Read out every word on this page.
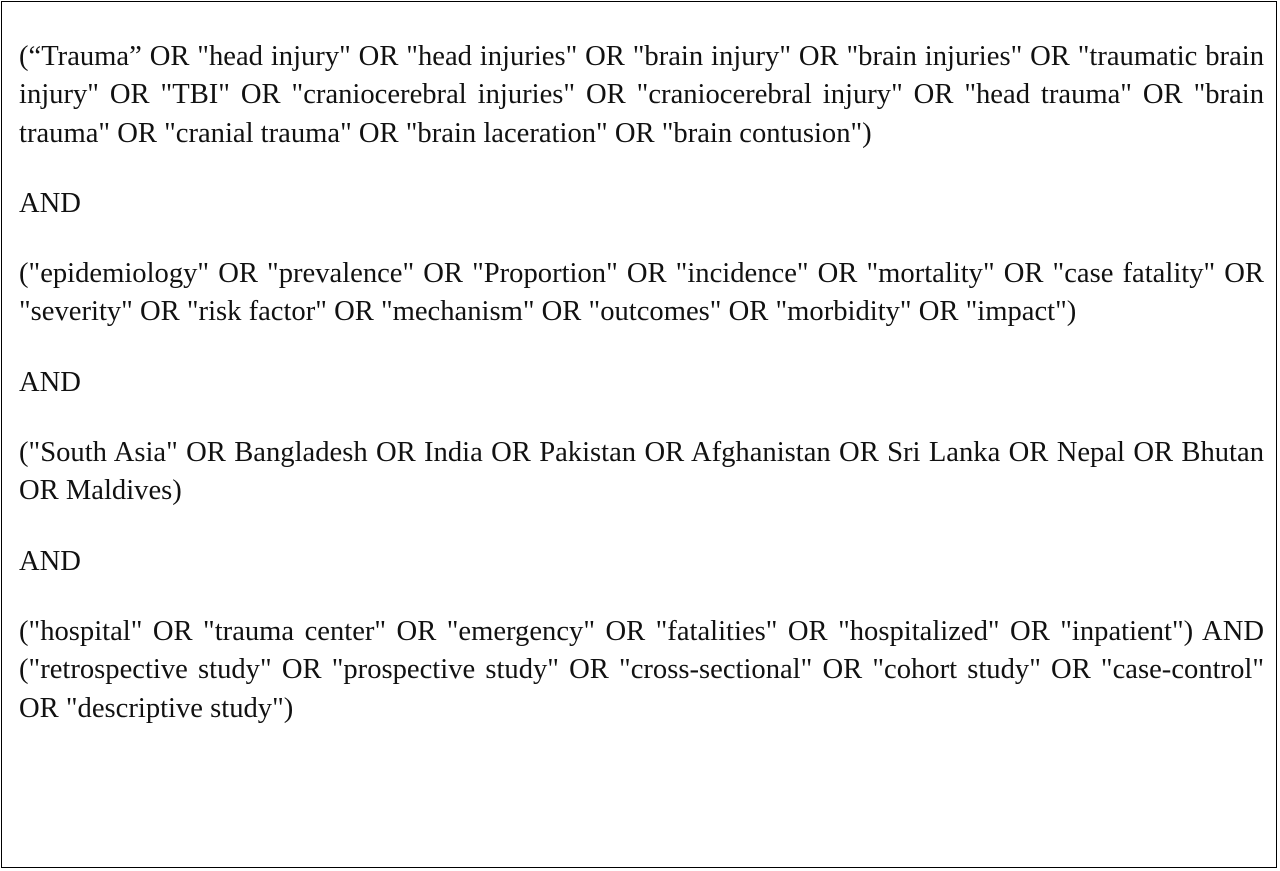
(“Trauma” OR "head injury" OR "head injuries" OR "brain injury" OR "brain injuries" OR "traumatic brain injury" OR "TBI" OR "craniocerebral injuries" OR "craniocerebral injury" OR "head trauma" OR "brain trauma" OR "cranial trauma" OR "brain laceration" OR "brain contusion")

AND

("epidemiology" OR "prevalence" OR "Proportion" OR "incidence" OR "mortality" OR "case fatality" OR "severity" OR "risk factor" OR "mechanism" OR "outcomes" OR "morbidity" OR "impact")

AND

("South Asia" OR Bangladesh OR India OR Pakistan OR Afghanistan OR Sri Lanka OR Nepal OR Bhutan OR Maldives)

AND

("hospital" OR "trauma center" OR "emergency" OR "fatalities" OR "hospitalized" OR "inpatient") AND ("retrospective study" OR "prospective study" OR "cross-sectional" OR "cohort study" OR "case-control" OR "descriptive study")
